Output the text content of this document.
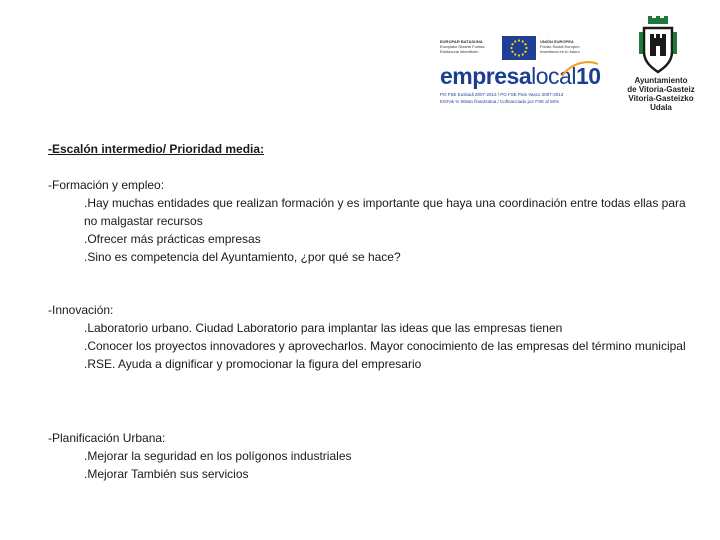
EUROPAR BATASUNA
Europako Gizarte Funtsa
Etorkizuna inbertitzen
UNIÓN EUROPEA
Fondo Social Europeo
Invertimos en tu futuro
empresalocal10
PO FSE Euskadi 2007-2013 / PO FSE País Vasco 2007-2013
EGFak % 50ean finantzatua / Cofinanciado por FSE al 50%
Ayuntamiento
de Vitoria-Gasteiz
Vitoria-Gasteizko
Udala
-Escalón intermedio/ Prioridad media:
-Formación y empleo:
.Hay muchas entidades que realizan formación y es importante que haya una coordinación entre todas ellas para no malgastar recursos
.Ofrecer más prácticas empresas
.Sino es competencia del Ayuntamiento, ¿por qué se hace?
-Innovación:
.Laboratorio urbano. Ciudad Laboratorio para implantar las ideas que las empresas tienen
.Conocer los proyectos innovadores y aprovecharlos. Mayor conocimiento de las empresas del término municipal
.RSE. Ayuda a dignificar y promocionar la figura del empresario
-Planificación Urbana:
.Mejorar la seguridad en los polígonos industriales
.Mejorar También sus servicios
